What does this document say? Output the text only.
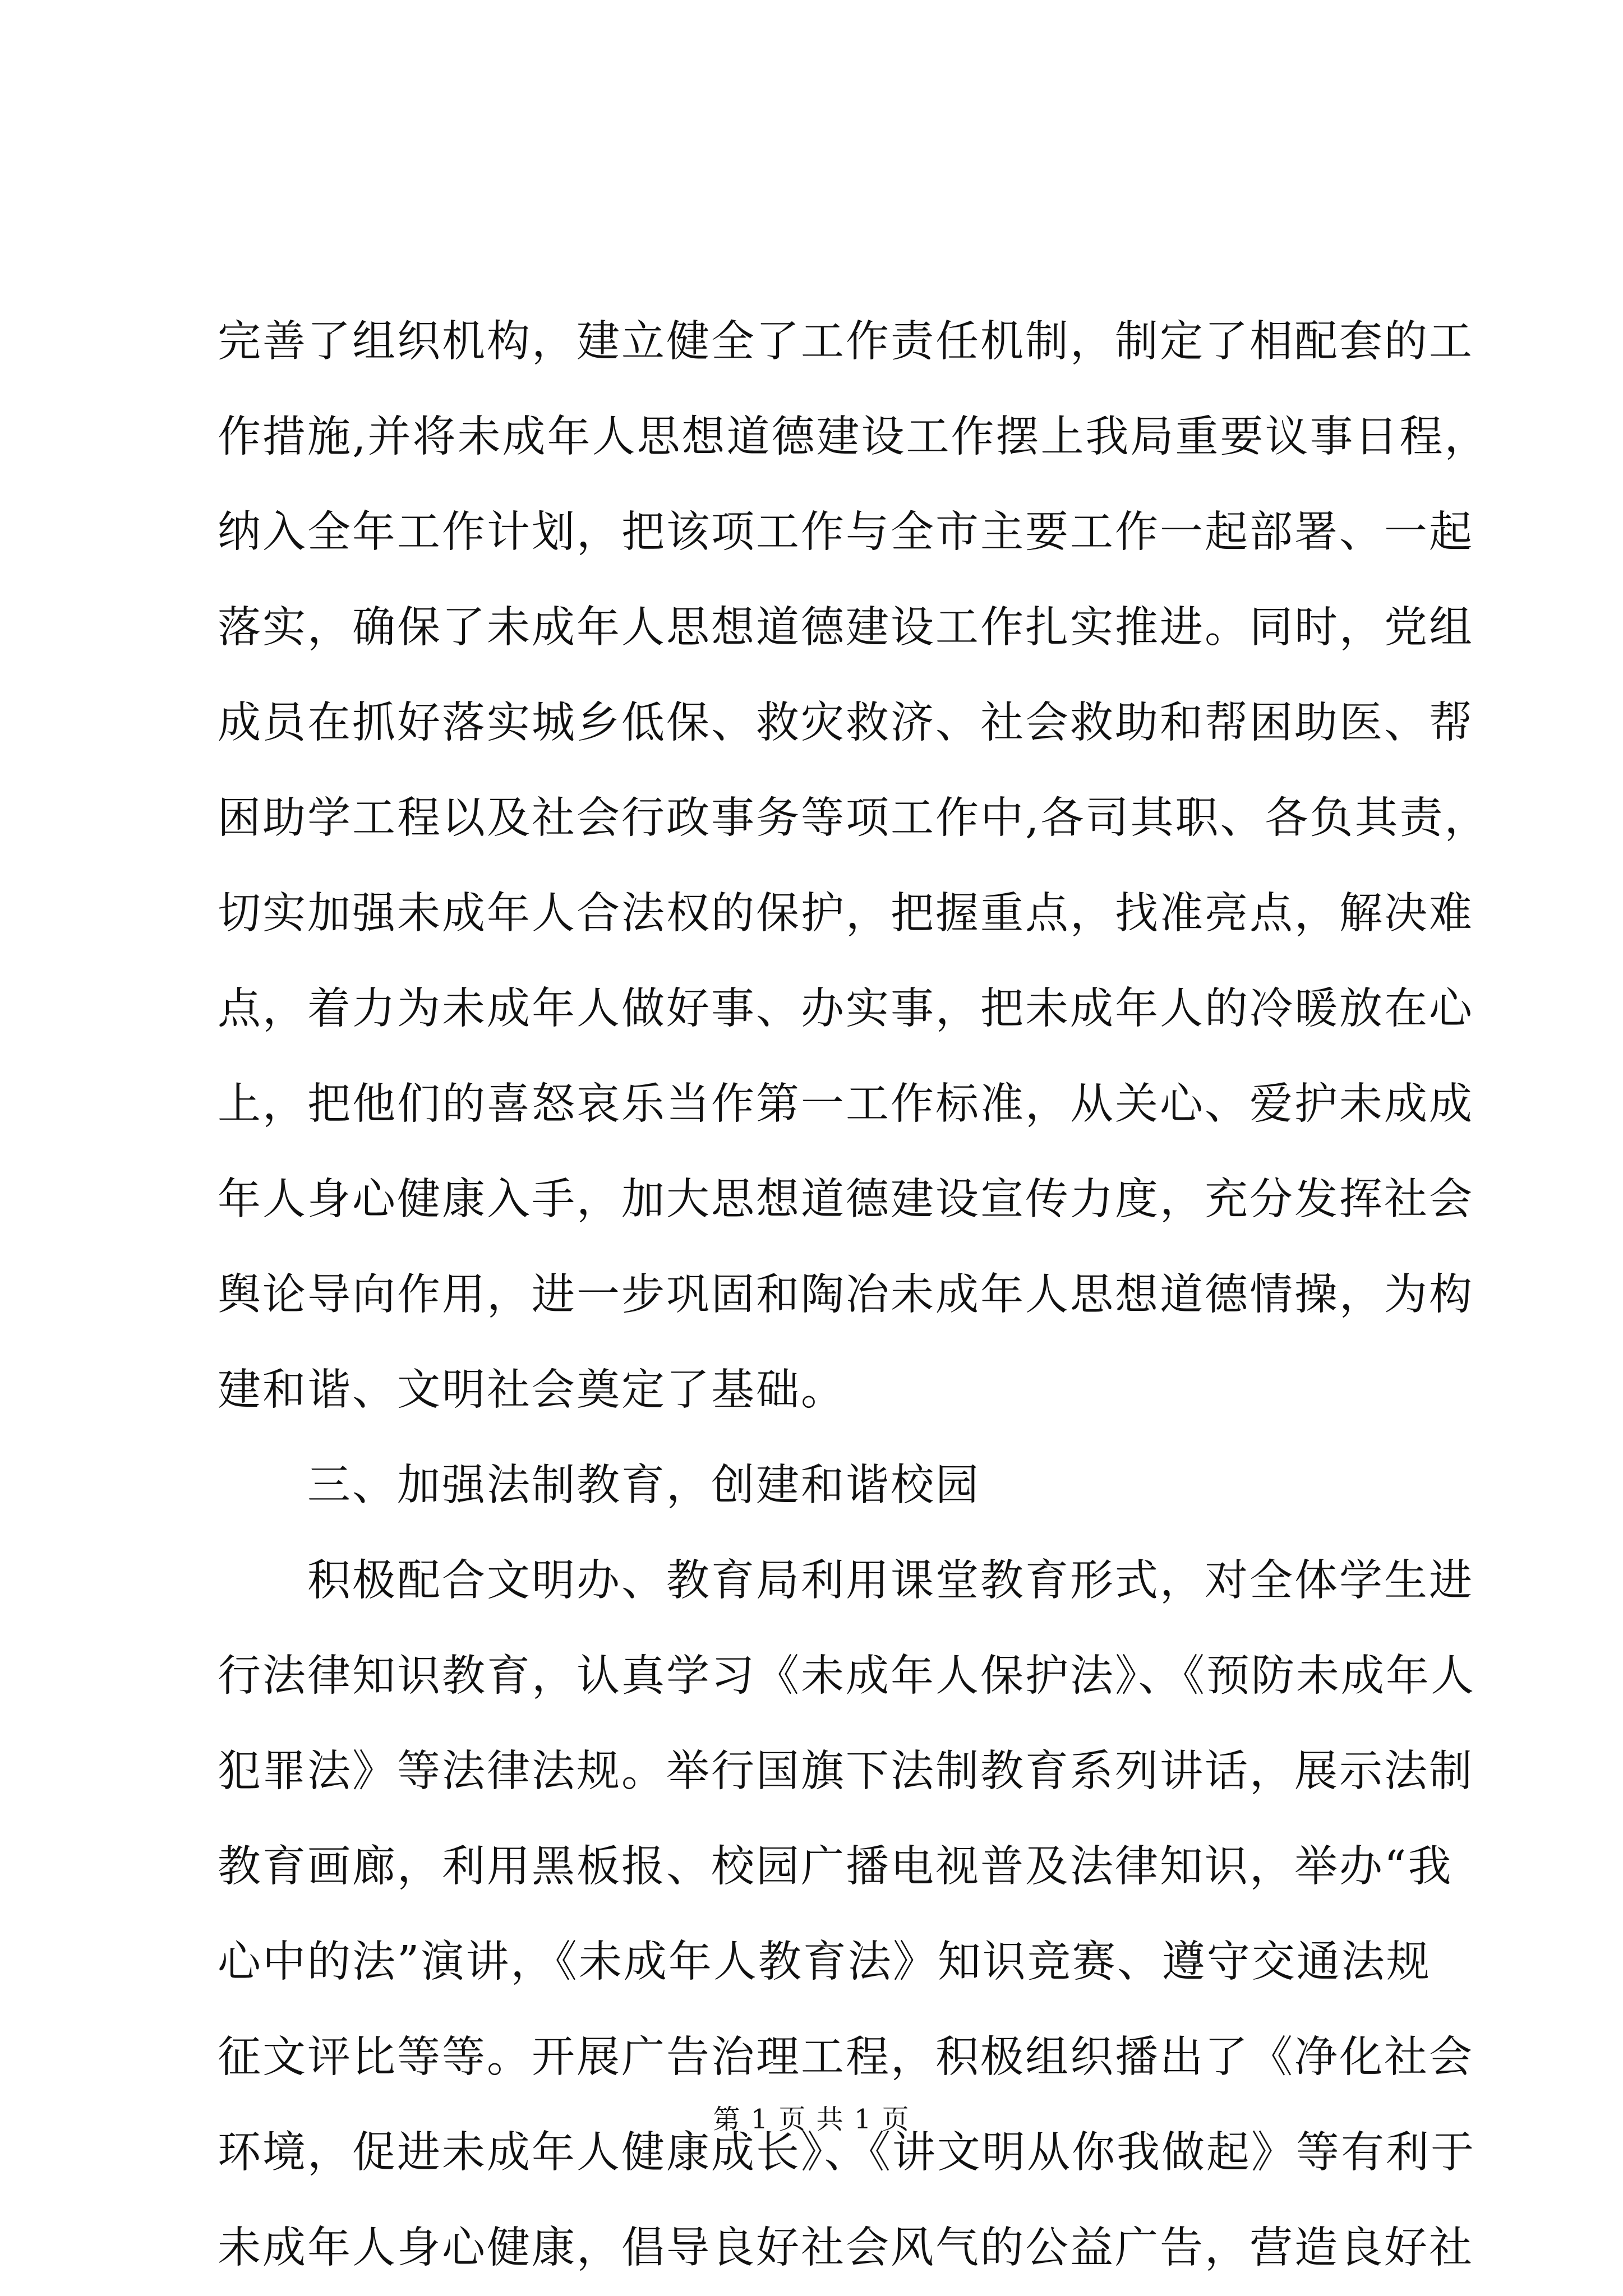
完善了组织机构，建立健全了工作责任机制，制定了相配套的工
作措施,并将未成年人思想道德建设工作摆上我局重要议事日程，
纳入全年工作计划，把该项工作与全市主要工作一起部署、一起
落实，确保了未成年人思想道德建设工作扎实推进。同时，党组
成员在抓好落实城乡低保、救灾救济、社会救助和帮困助医、帮
困助学工程以及社会行政事务等项工作中,各司其职、各负其责，
切实加强未成年人合法权的保护，把握重点，找准亮点，解决难
点，着力为未成年人做好事、办实事，把未成年人的冷暖放在心
上，把他们的喜怒哀乐当作第一工作标准，从关心、爱护未成成
年人身心健康入手，加大思想道德建设宣传力度，充分发挥社会
舆论导向作用，进一步巩固和陶冶未成年人思想道德情操，为构
建和谐、文明社会奠定了基础。
　　三、加强法制教育，创建和谐校园
　　积极配合文明办、教育局利用课堂教育形式，对全体学生进
行法律知识教育，认真学习《未成年人保护法》、《预防未成年人
犯罪法》等法律法规。举行国旗下法制教育系列讲话，展示法制
教育画廊，利用黑板报、校园广播电视普及法律知识，举办“我
心中的法”演讲，《未成年人教育法》知识竞赛、遵守交通法规
征文评比等等。开展广告治理工程，积极组织播出了《净化社会
环境，促进未成年人健康成长》、《讲文明从你我做起》等有利于
未成年人身心健康，倡导良好社会风气的公益广告，营造良好社
第 1 页 共 1 页
